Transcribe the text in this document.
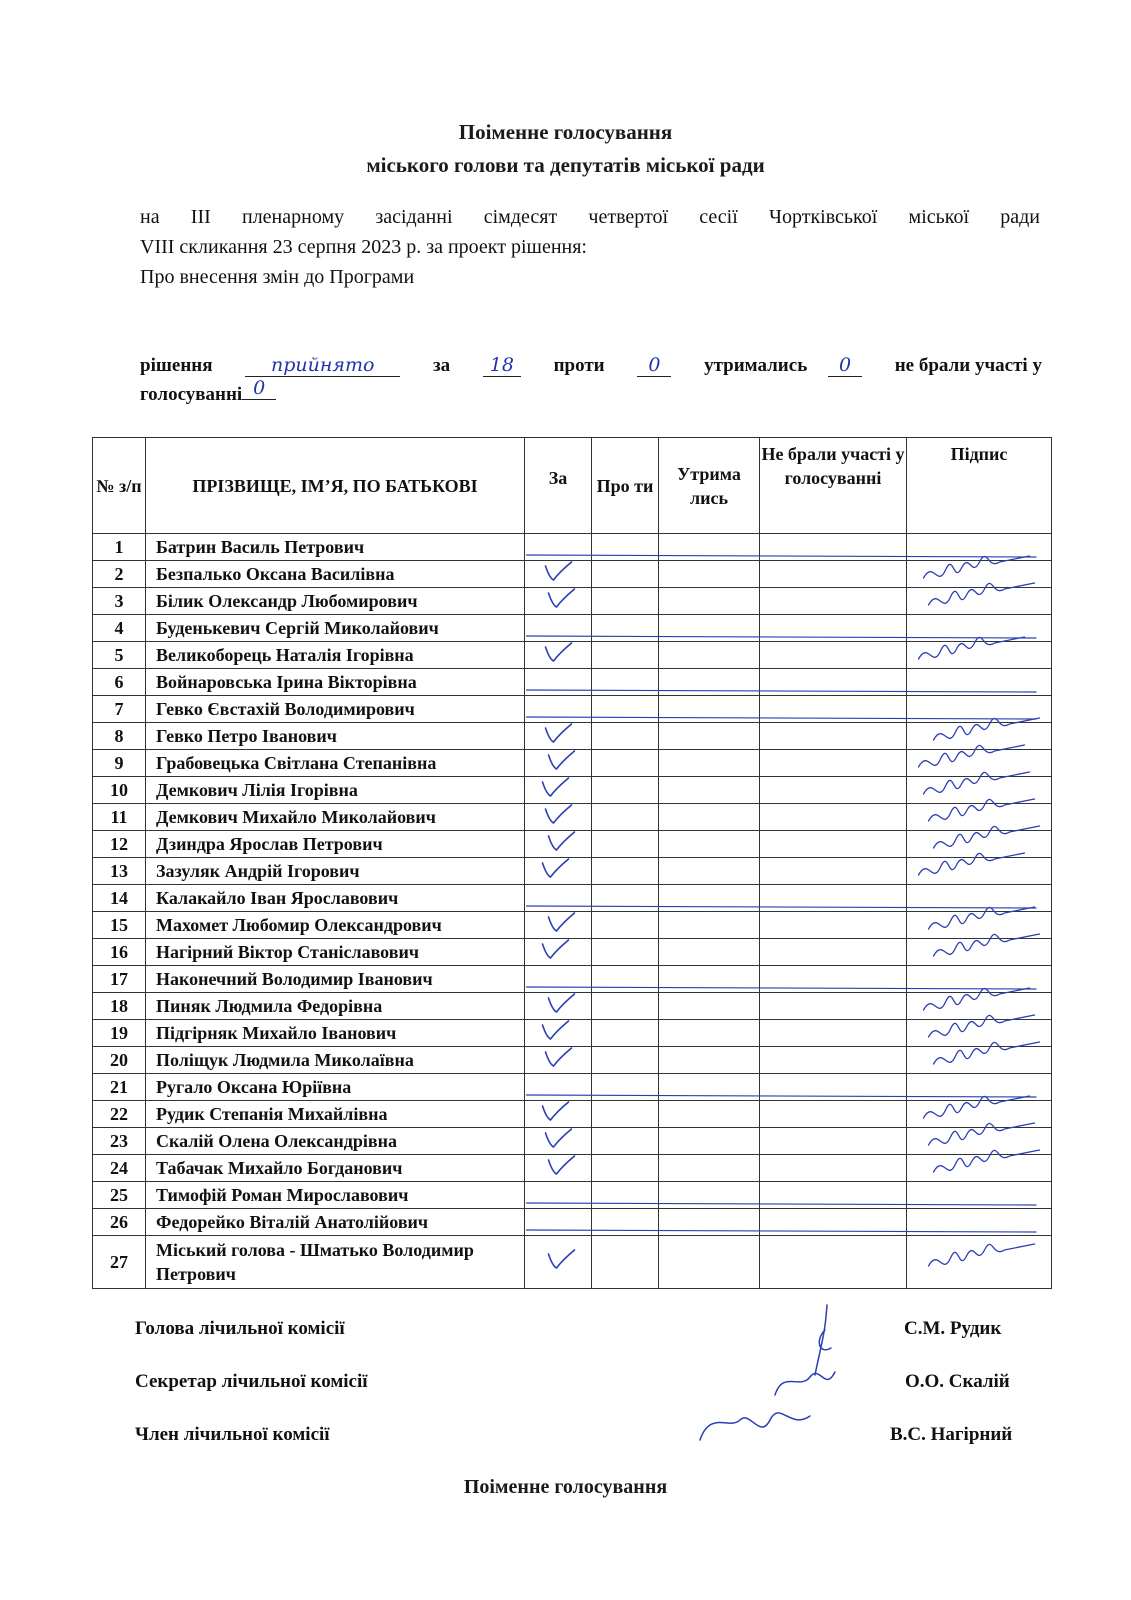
Поіменне голосування
міського голови та депутатів міської ради
на ІІІ пленарному засіданні сімдесят четвертої сесії Чортківської міської ради
VIII скликання 23 серпня 2023 р. за проект рішення:
Про внесення змін до Програми
рішення	прийнято	за	18	проти	0	утримались	0	не брали участі у
голосуванні 0
№ з/п	ПРІЗВИЩЕ, ІМ’Я, ПО БАТЬКОВІ	За	Про ти	Утрима лись	Не брали участі у голосуванні	Підпис
1	Батрин Василь Петрович					
2	Безпалько Оксана Василівна					
3	Білик Олександр Любомирович					
4	Буденькевич Сергій Миколайович					
5	Великоборець Наталія Ігорівна					
6	Войнаровська Ірина Вікторівна					
7	Гевко Євстахій Володимирович					
8	Гевко Петро Іванович					
9	Грабовецька Світлана Степанівна					
10	Демкович Лілія Ігорівна					
11	Демкович Михайло Миколайович					
12	Дзиндра Ярослав Петрович					
13	Зазуляк Андрій Ігорович					
14	Калакайло Іван Ярославович					
15	Махомет Любомир Олександрович					
16	Нагірний Віктор Станіславович					
17	Наконечний Володимир Іванович					
18	Пиняк Людмила Федорівна					
19	Підгірняк Михайло Іванович					
20	Поліщук Людмила Миколаївна					
21	Ругало Оксана Юріївна					
22	Рудик Степанія Михайлівна					
23	Скалій Олена Олександрівна					
24	Табачак Михайло Богданович					
25	Тимофій Роман Мирославович					
26	Федорейко Віталій Анатолійович					
27	Міський голова - Шматько Володимир Петрович					
Голова лічильної комісії	С.М. Рудик
Секретар лічильної комісії	О.О. Скалій
Член лічильної комісії	В.С. Нагірний
Поіменне голосування
